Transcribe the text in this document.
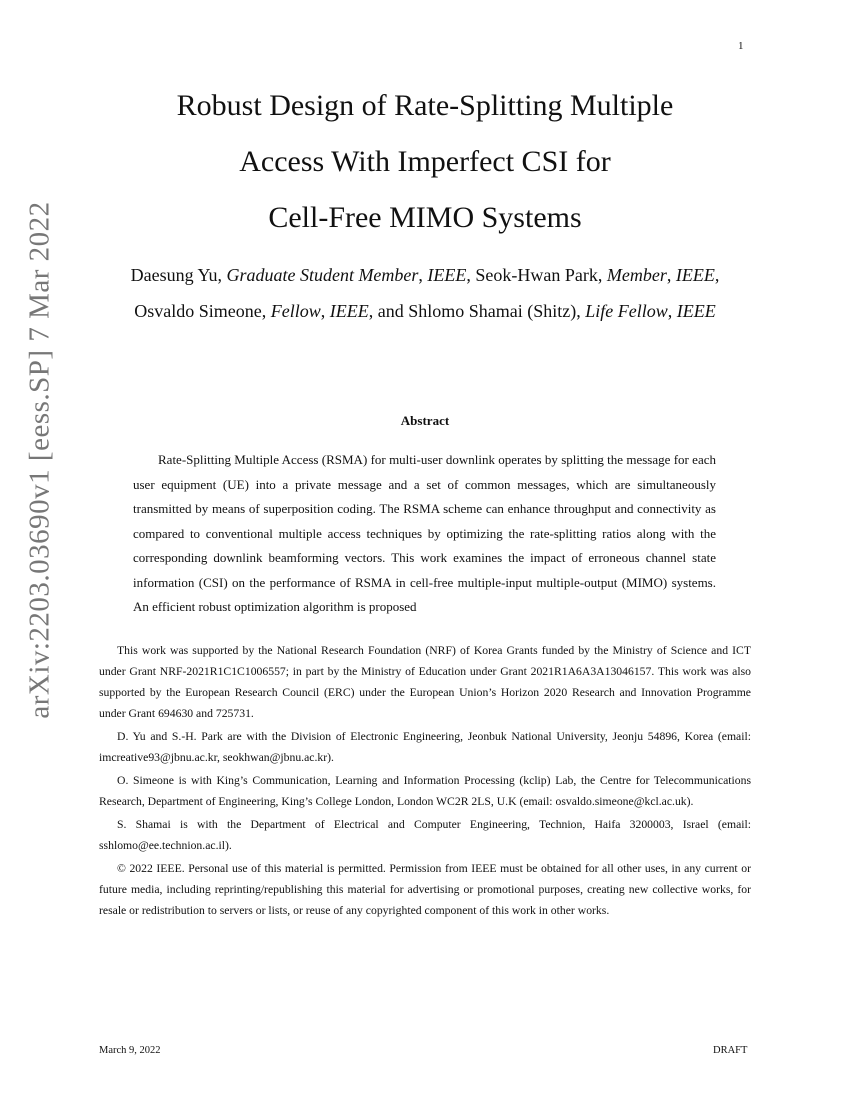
1
Robust Design of Rate-Splitting Multiple
Access With Imperfect CSI for
Cell-Free MIMO Systems
Daesung Yu, Graduate Student Member, IEEE, Seok-Hwan Park, Member, IEEE,
Osvaldo Simeone, Fellow, IEEE, and Shlomo Shamai (Shitz), Life Fellow, IEEE
arXiv:2203.03690v1 [eess.SP] 7 Mar 2022	Abstract

Rate-Splitting Multiple Access (RSMA) for multi-user downlink operates by splitting the message for each user equipment (UE) into a private message and a set of common messages, which are simultaneously transmitted by means of superposition coding. The RSMA scheme can enhance throughput and connectivity as compared to conventional multiple access techniques by optimizing the rate-splitting ratios along with the corresponding downlink beamforming vectors. This work examines the impact of erroneous channel state information (CSI) on the performance of RSMA in cell-free multiple-input multiple-output (MIMO) systems. An efficient robust optimization algorithm is proposed

This work was supported by the National Research Foundation (NRF) of Korea Grants funded by the Ministry of Science and ICT under Grant NRF-2021R1C1C1006557; in part by the Ministry of Education under Grant 2021R1A6A3A13046157. This work was also supported by the European Research Council (ERC) under the European Union’s Horizon 2020 Research and Innovation Programme under Grant 694630 and 725731.

D. Yu and S.-H. Park are with the Division of Electronic Engineering, Jeonbuk National University, Jeonju 54896, Korea (email: imcreative93@jbnu.ac.kr, seokhwan@jbnu.ac.kr).

O. Simeone is with King’s Communication, Learning and Information Processing (kclip) Lab, the Centre for Telecommunications Research, Department of Engineering, King’s College London, London WC2R 2LS, U.K (email: osvaldo.simeone@kcl.ac.uk).

S. Shamai is with the Department of Electrical and Computer Engineering, Technion, Haifa 3200003, Israel (email: sshlomo@ee.technion.ac.il).

© 2022 IEEE. Personal use of this material is permitted. Permission from IEEE must be obtained for all other uses, in any current or future media, including reprinting/republishing this material for advertising or promotional purposes, creating new collective works, for resale or redistribution to servers or lists, or reuse of any copyrighted component of this work in other works.

March 9, 2022	DRAFT
